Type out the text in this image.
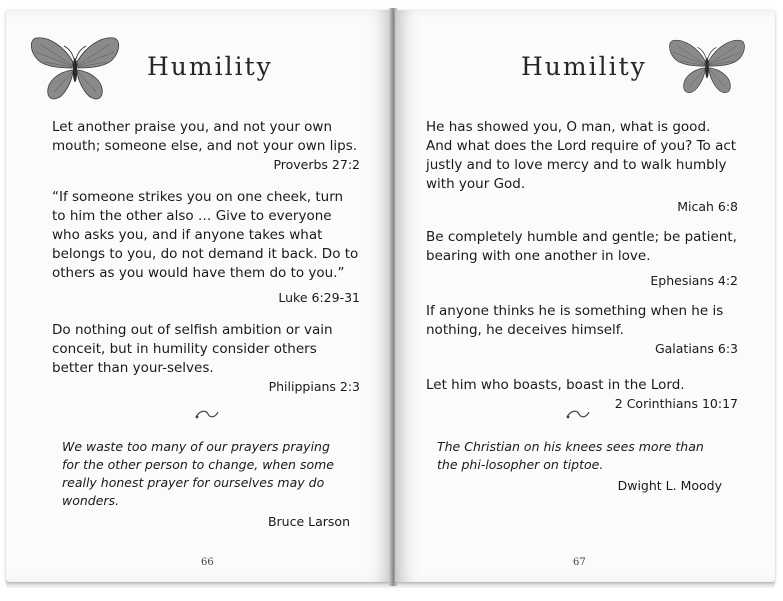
Humility

Let another praise you, and not your own mouth; someone else, and not your own lips.

Proverbs 27:2

“If someone strikes you on one cheek, turn to him the other also … Give to everyone who asks you, and if anyone takes what belongs to you, do not demand it back. Do to others as you would have them do to you.”

Luke 6:29-31

Do nothing out of selfish ambition or vain conceit, but in humility consider others better than your-selves.

Philippians 2:3

We waste too many of our prayers praying for the other person to change, when some really honest prayer for ourselves may do wonders.

Bruce Larson

66
Humility

He has showed you, O man, what is good. And what does the Lord require of you? To act justly and to love mercy and to walk humbly with your God.

Micah 6:8

Be completely humble and gentle; be patient, bearing with one another in love.

Ephesians 4:2

If anyone thinks he is something when he is nothing, he deceives himself.

Galatians 6:3

Let him who boasts, boast in the Lord.

2 Corinthians 10:17

The Christian on his knees sees more than the phi-losopher on tiptoe.

Dwight L. Moody

67
